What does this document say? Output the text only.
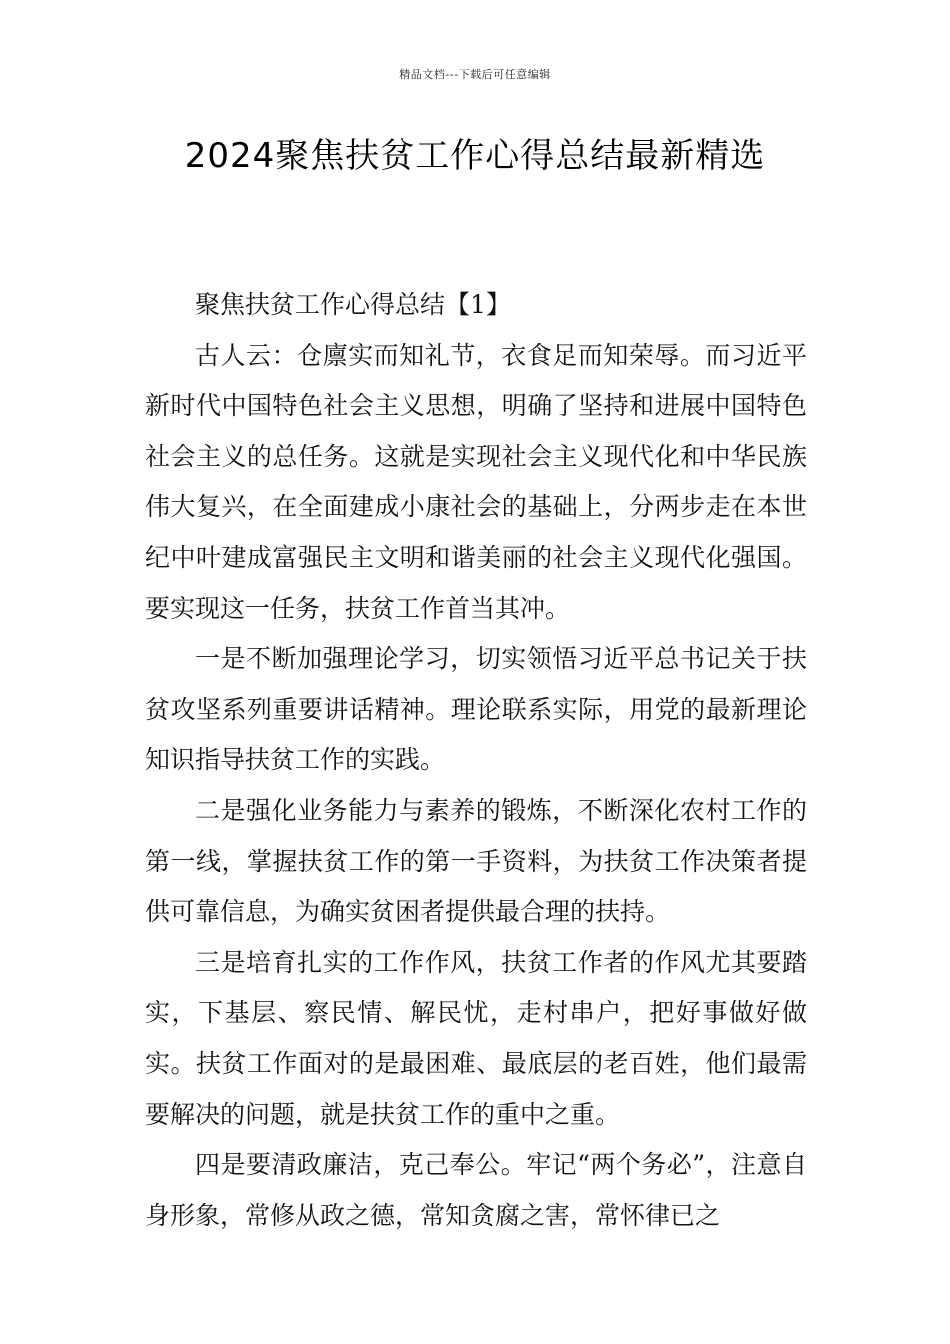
精品文档---下载后可任意编辑
2024聚焦扶贫工作心得总结最新精选

聚焦扶贫工作心得总结【1】

古人云：仓廪实而知礼节，衣食足而知荣辱。而习近平新时代中国特色社会主义思想，明确了坚持和进展中国特色社会主义的总任务。这就是实现社会主义现代化和中华民族伟大复兴，在全面建成小康社会的基础上，分两步走在本世纪中叶建成富强民主文明和谐美丽的社会主义现代化强国。要实现这一任务，扶贫工作首当其冲。

一是不断加强理论学习，切实领悟习近平总书记关于扶贫攻坚系列重要讲话精神。理论联系实际，用党的最新理论知识指导扶贫工作的实践。

二是强化业务能力与素养的锻炼，不断深化农村工作的第一线，掌握扶贫工作的第一手资料，为扶贫工作决策者提供可靠信息，为确实贫困者提供最合理的扶持。

三是培育扎实的工作作风，扶贫工作者的作风尤其要踏实，下基层、察民情、解民忧，走村串户，把好事做好做实。扶贫工作面对的是最困难、最底层的老百姓，他们最需要解决的问题，就是扶贫工作的重中之重。

四是要清政廉洁，克己奉公。牢记“两个务必”，注意自身形象，常修从政之德，常知贪腐之害，常怀律已之
